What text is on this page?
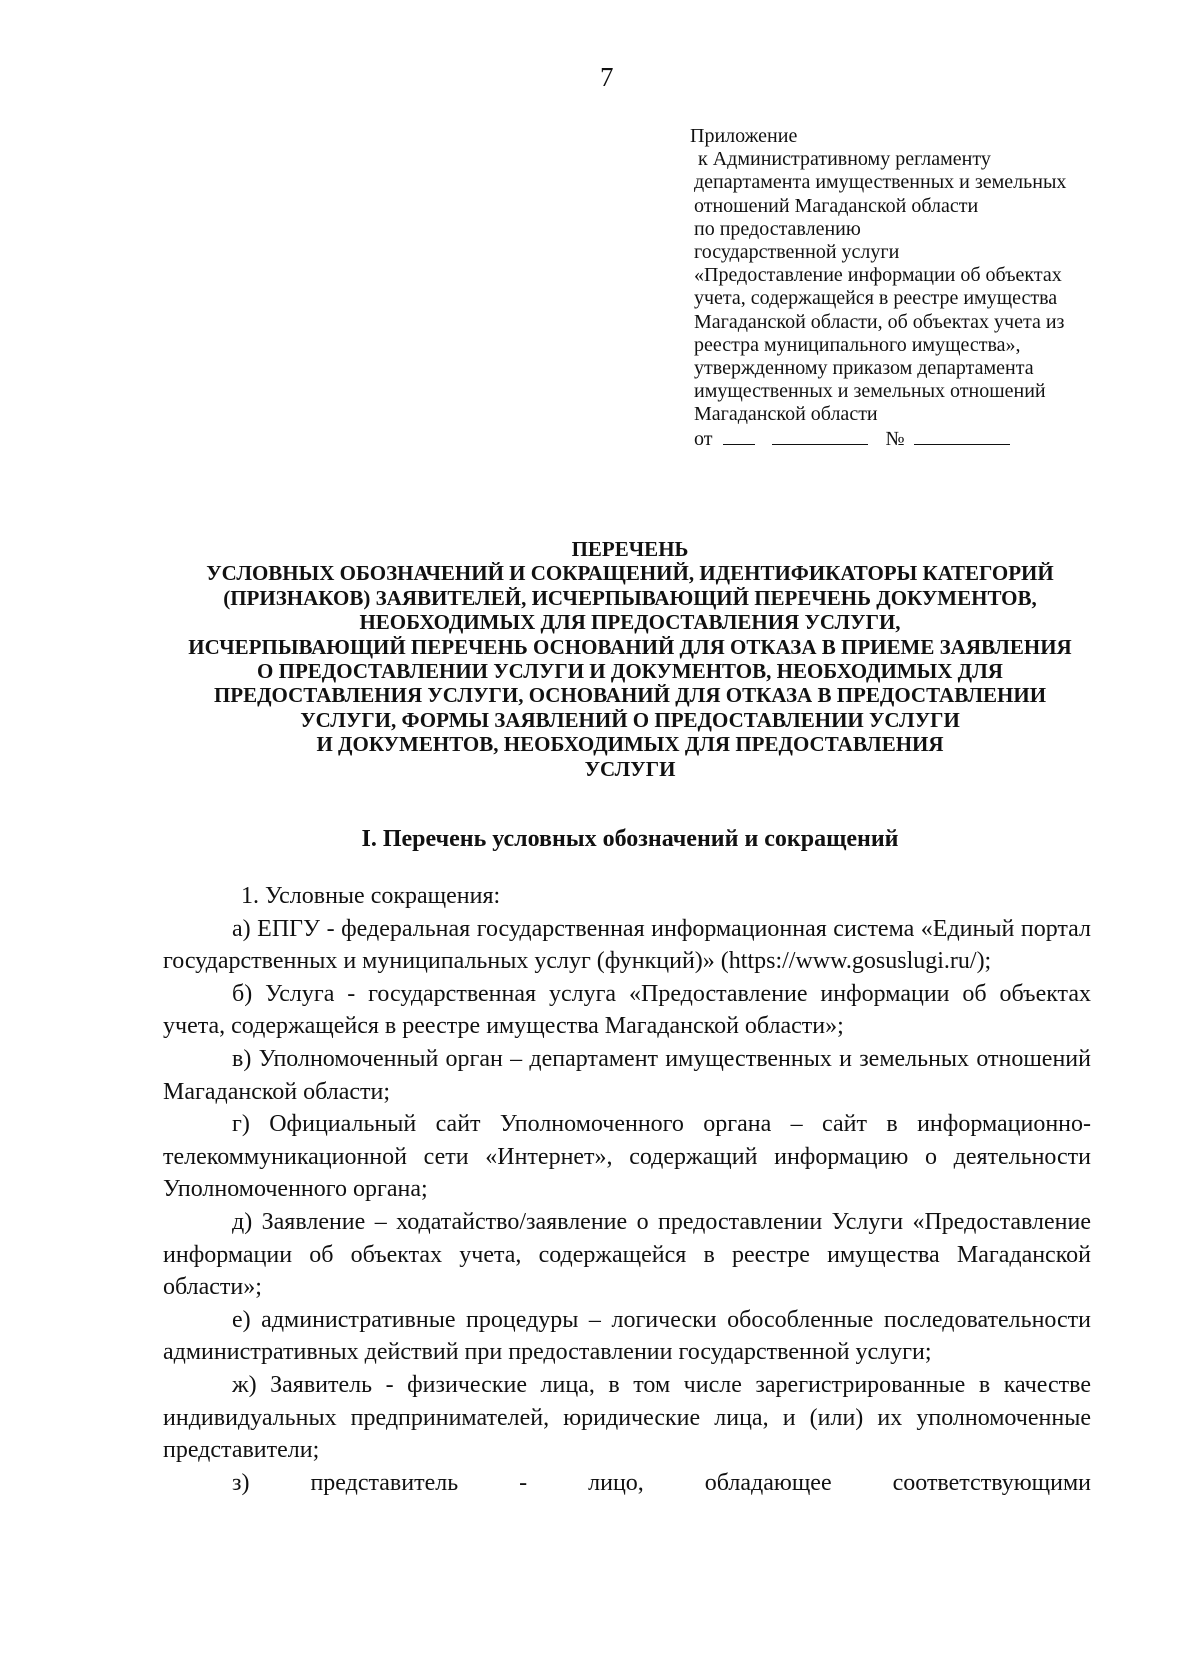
7
Приложение
к Административному регламенту
департамента имущественных и земельных
отношений Магаданской области
по предоставлению
государственной услуги
«Предоставление информации об объектах
учета, содержащейся в реестре имущества
Магаданской области, об объектах учета из
реестра муниципального имущества»,
утвержденному приказом департамента
имущественных и земельных отношений
Магаданской области
от	№
ПЕРЕЧЕНЬ
УСЛОВНЫХ ОБОЗНАЧЕНИЙ И СОКРАЩЕНИЙ, ИДЕНТИФИКАТОРЫ КАТЕГОРИЙ
(ПРИЗНАКОВ) ЗАЯВИТЕЛЕЙ, ИСЧЕРПЫВАЮЩИЙ ПЕРЕЧЕНЬ ДОКУМЕНТОВ,
НЕОБХОДИМЫХ ДЛЯ ПРЕДОСТАВЛЕНИЯ УСЛУГИ,
ИСЧЕРПЫВАЮЩИЙ ПЕРЕЧЕНЬ ОСНОВАНИЙ ДЛЯ ОТКАЗА В ПРИЕМЕ ЗАЯВЛЕНИЯ
О ПРЕДОСТАВЛЕНИИ УСЛУГИ И ДОКУМЕНТОВ, НЕОБХОДИМЫХ ДЛЯ
ПРЕДОСТАВЛЕНИЯ УСЛУГИ, ОСНОВАНИЙ ДЛЯ ОТКАЗА В ПРЕДОСТАВЛЕНИИ
УСЛУГИ, ФОРМЫ ЗАЯВЛЕНИЙ О ПРЕДОСТАВЛЕНИИ УСЛУГИ
И ДОКУМЕНТОВ, НЕОБХОДИМЫХ ДЛЯ ПРЕДОСТАВЛЕНИЯ
УСЛУГИ
I. Перечень условных обозначений и сокращений

1. Условные сокращения:

а) ЕПГУ - федеральная государственная информационная система «Единый портал государственных и муниципальных услуг (функций)» (https://www.gosuslugi.ru/);

б) Услуга - государственная услуга «Предоставление информации об объектах учета, содержащейся в реестре имущества Магаданской области»;

в) Уполномоченный орган – департамент имущественных и земельных отношений Магаданской области;

г) Официальный сайт Уполномоченного органа – сайт в информационно-телекоммуникационной сети «Интернет», содержащий информацию о деятельности Уполномоченного органа;

д) Заявление – ходатайство/заявление о предоставлении Услуги «Предоставление информации об объектах учета, содержащейся в реестре имущества Магаданской области»;

е) административные процедуры – логически обособленные последовательности административных действий при предоставлении государственной услуги;

ж) Заявитель - физические лица, в том числе зарегистрированные в качестве индивидуальных предпринимателей, юридические лица, и (или) их уполномоченные представители;

з) представитель - лицо, обладающее соответствующими
